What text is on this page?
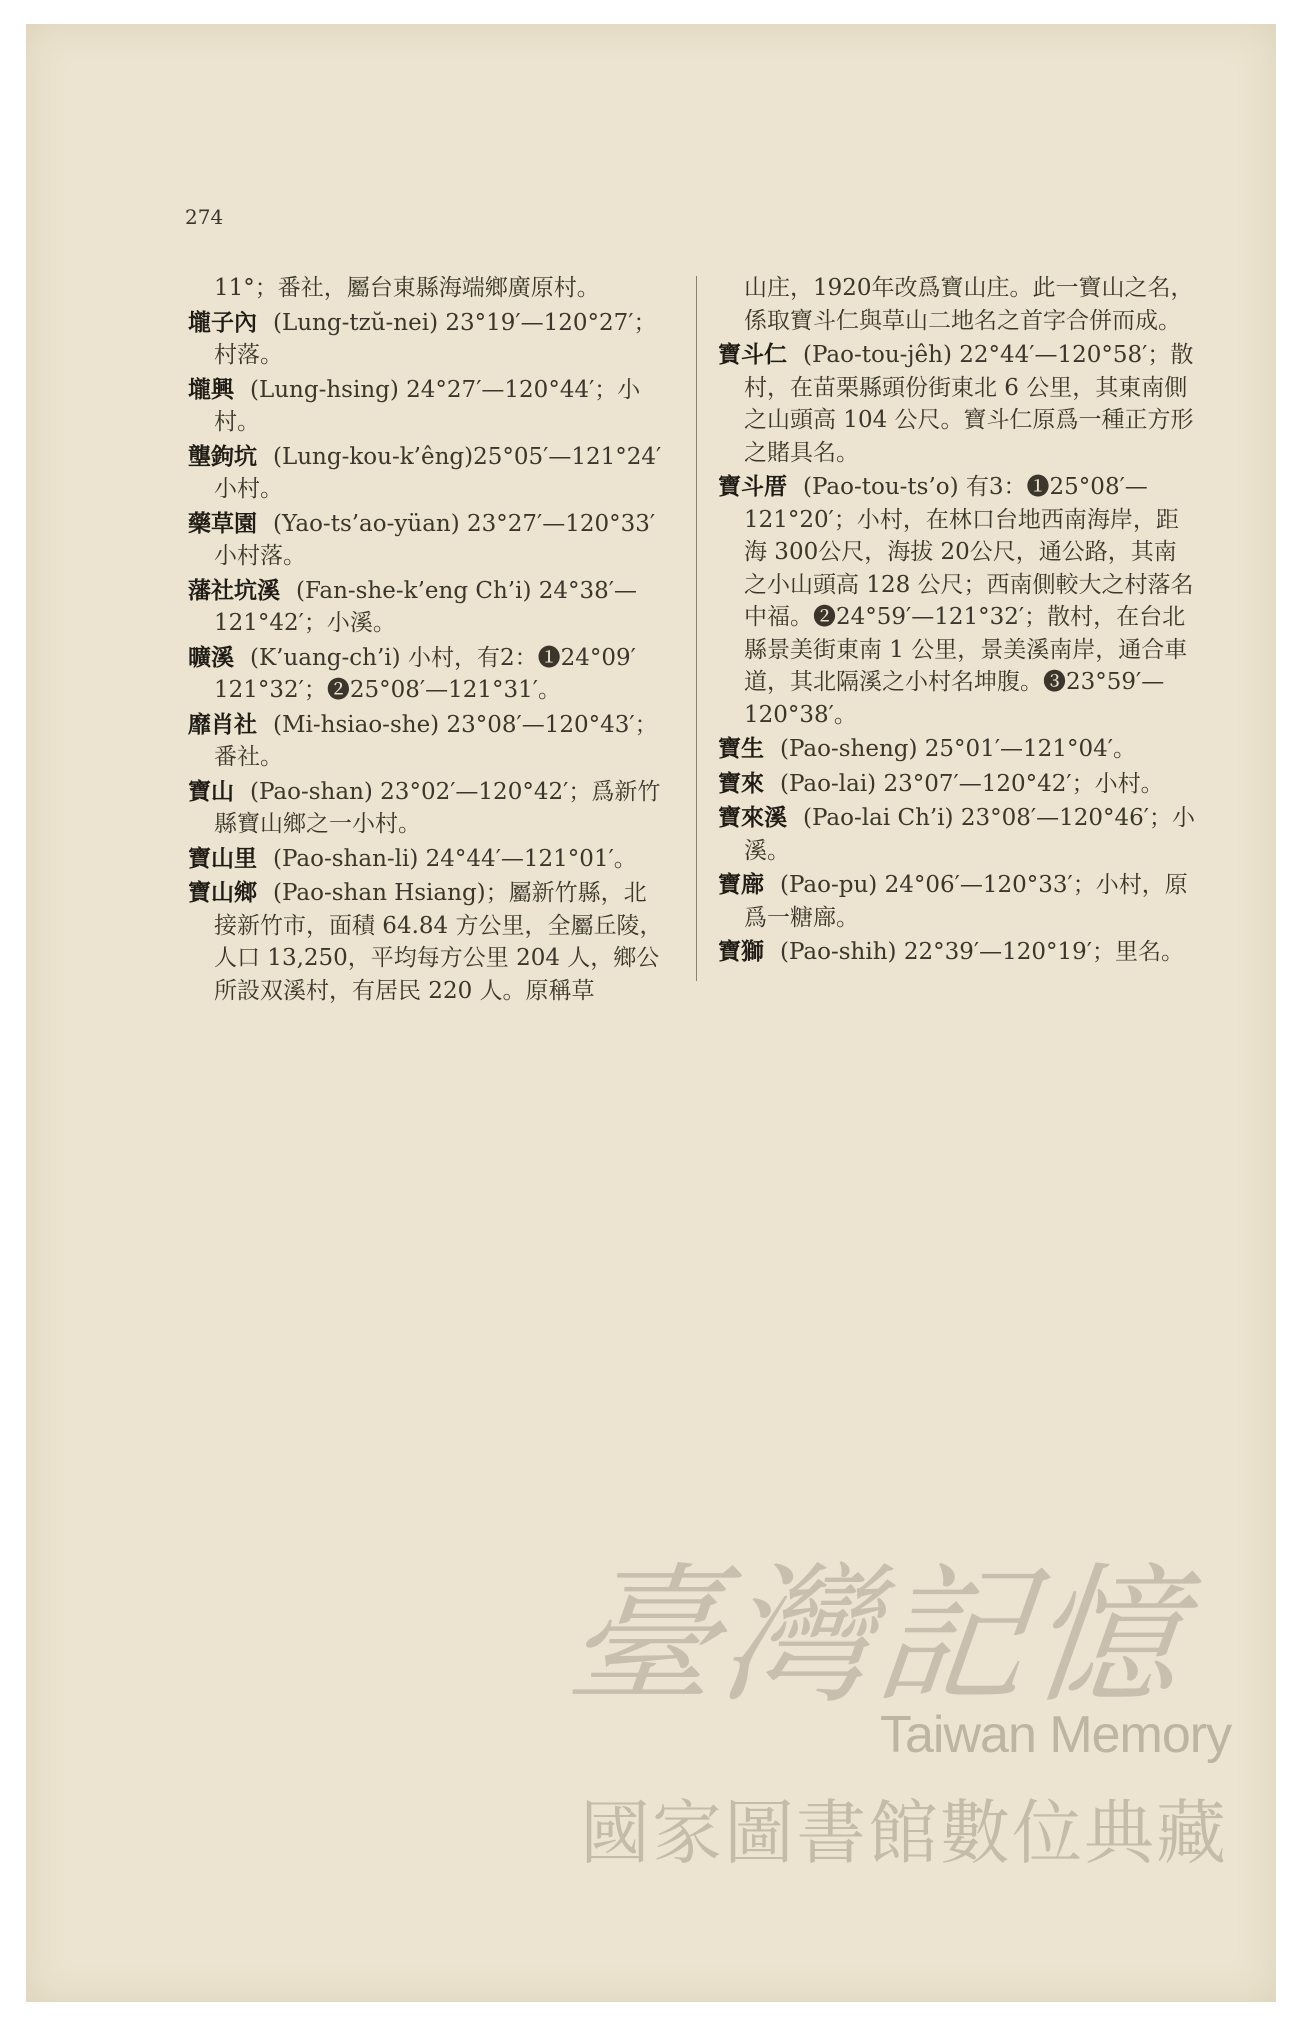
274
11°；番社，屬台東縣海端鄉廣原村。
壠子內 (Lung-tzŭ-nei) 23°19′—120°27′；村落。
壠興 (Lung-hsing) 24°27′—120°44′；小村。
壟鉤坑 (Lung-kou-k’êng)25°05′—121°24′小村。
藥草園 (Yao-ts’ao-yüan) 23°27′—120°33′小村落。
藩社坑溪 (Fan-she-k’eng Ch’i) 24°38′—121°42′；小溪。
曠溪 (K’uang-ch’i) 小村，有2：❶24°09′ 121°32′；❷25°08′—121°31′。
靡肖社 (Mi-hsiao-she) 23°08′—120°43′；番社。
寶山 (Pao-shan) 23°02′—120°42′；爲新竹縣寶山鄉之一小村。
寶山里 (Pao-shan-li) 24°44′—121°01′。
寶山鄉 (Pao-shan Hsiang)；屬新竹縣，北接新竹市，面積 64.84 方公里，全屬丘陵，人口 13,250，平均每方公里 204 人，鄉公所設双溪村，有居民 220 人。原稱草
山庄，1920年改爲寶山庄。此一寶山之名，係取寶斗仁與草山二地名之首字合併而成。
寶斗仁 (Pao-tou-jêh) 22°44′—120°58′；散村，在苗栗縣頭份街東北 6 公里，其東南側之山頭高 104 公尺。寶斗仁原爲一種正方形之賭具名。
寶斗厝 (Pao-tou-ts’o) 有3：❶25°08′—121°20′；小村，在林口台地西南海岸，距海 300公尺，海拔 20公尺，通公路，其南之小山頭高 128 公尺；西南側較大之村落名中福。❷24°59′—121°32′；散村，在台北縣景美街東南 1 公里，景美溪南岸，通合車道，其北隔溪之小村名坤腹。❸23°59′—120°38′。
寶生 (Pao-sheng) 25°01′—121°04′。
寶來 (Pao-lai) 23°07′—120°42′；小村。
寶來溪 (Pao-lai Ch’i) 23°08′—120°46′；小溪。
寶廍 (Pao-pu) 24°06′—120°33′；小村，原爲一糖廍。
寶獅 (Pao-shih) 22°39′—120°19′；里名。
臺灣記憶
Taiwan Memory
國家圖書館數位典藏
